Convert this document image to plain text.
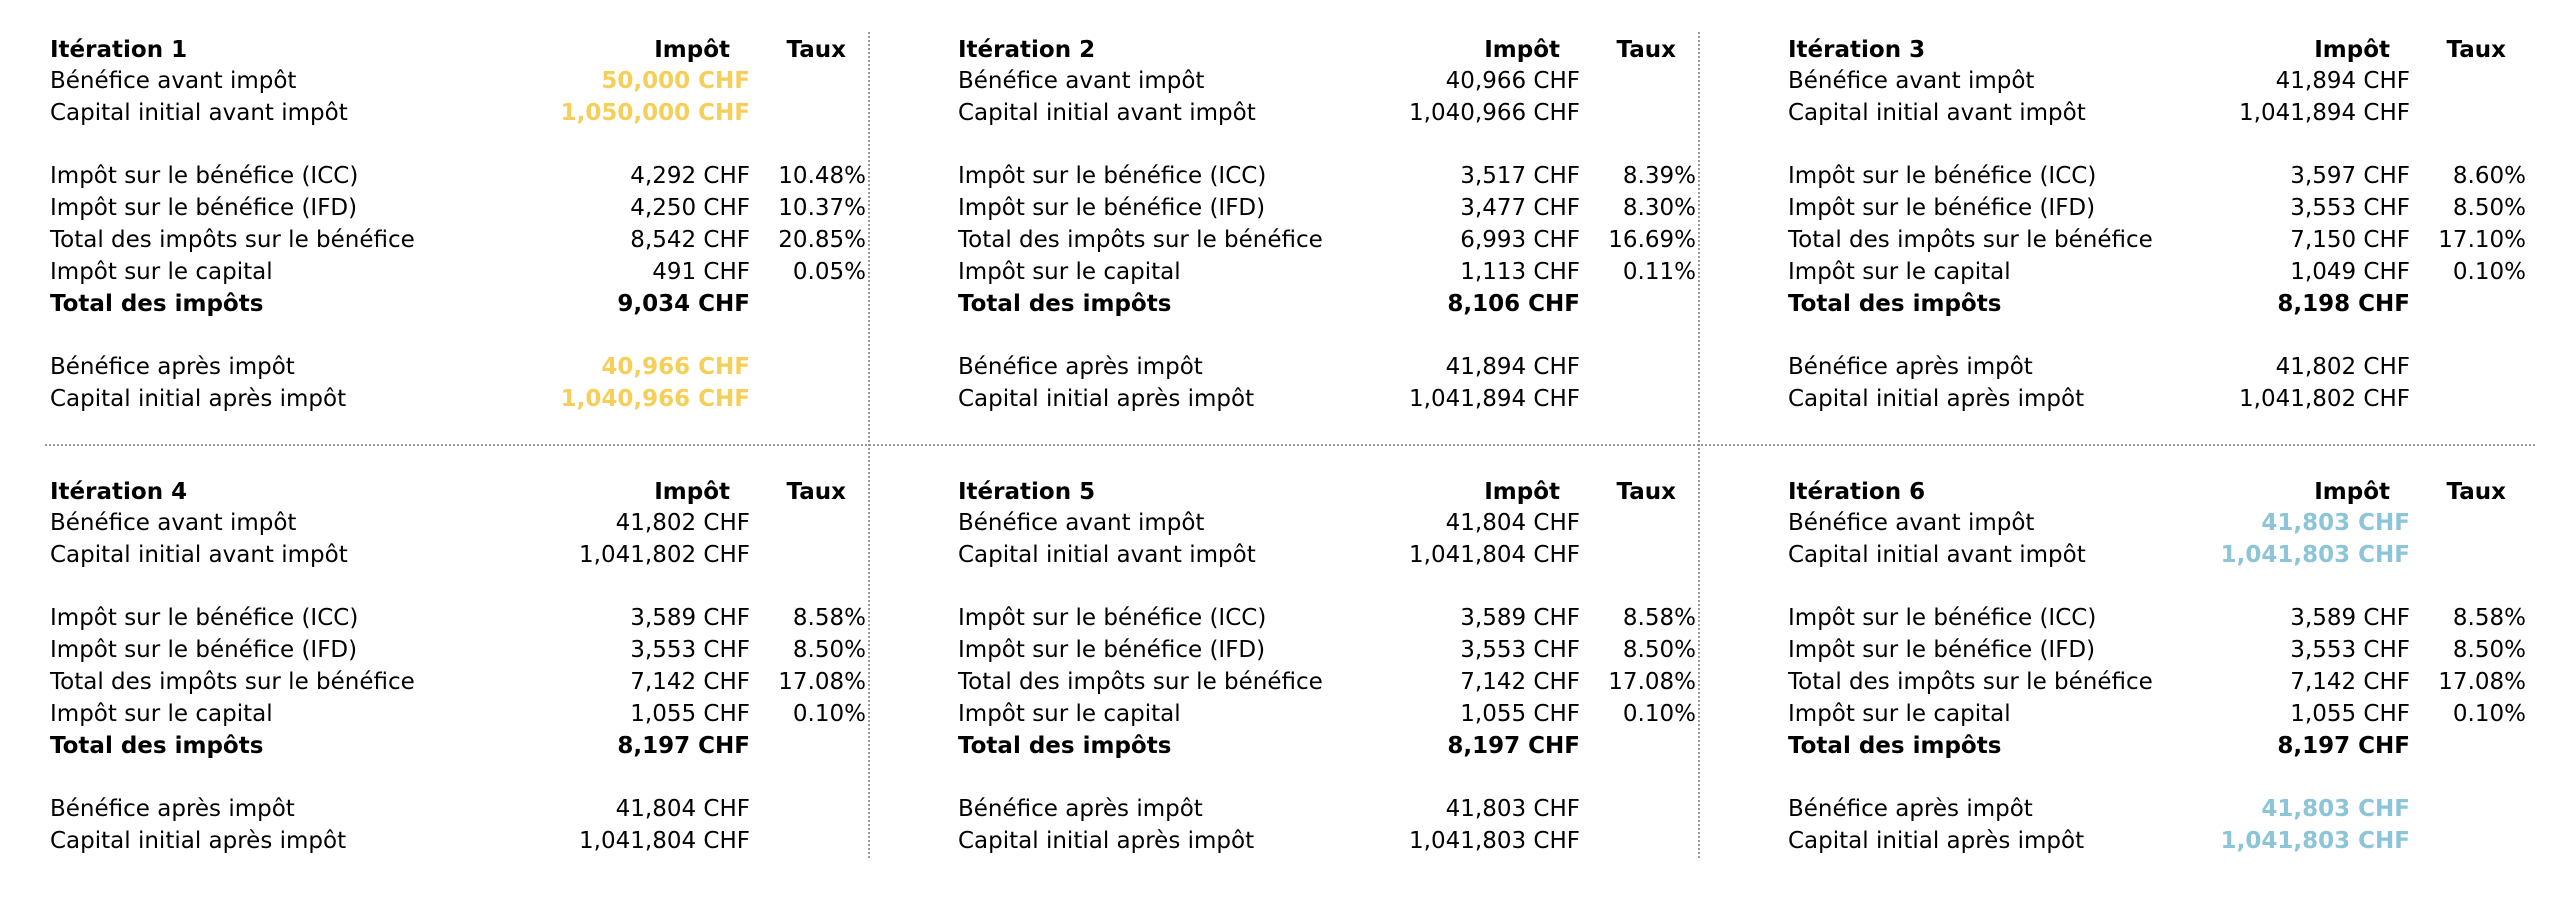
Itération 1	Impôt Taux
Bénéfice avant impôt	50,000 CHF
Capital initial avant impôt	1,050,000 CHF
Impôt sur le bénéfice (ICC)	4,292 CHF 10.48%
Impôt sur le bénéfice (IFD)	4,250 CHF 10.37%
Total des impôts sur le bénéfice	8,542 CHF 20.85%
Impôt sur le capital	491 CHF 0.05%
Total des impôts	9,034 CHF
Bénéfice après impôt	40,966 CHF
Capital initial après impôt	1,040,966 CHF
Itération 2	Impôt Taux
Bénéfice avant impôt	40,966 CHF
Capital initial avant impôt	1,040,966 CHF
Impôt sur le bénéfice (ICC)	3,517 CHF 8.39%
Impôt sur le bénéfice (IFD)	3,477 CHF 8.30%
Total des impôts sur le bénéfice	6,993 CHF 16.69%
Impôt sur le capital	1,113 CHF 0.11%
Total des impôts	8,106 CHF
Bénéfice après impôt	41,894 CHF
Capital initial après impôt	1,041,894 CHF
Itération 3	Impôt Taux
Bénéfice avant impôt	41,894 CHF
Capital initial avant impôt	1,041,894 CHF
Impôt sur le bénéfice (ICC)	3,597 CHF 8.60%
Impôt sur le bénéfice (IFD)	3,553 CHF 8.50%
Total des impôts sur le bénéfice	7,150 CHF 17.10%
Impôt sur le capital	1,049 CHF 0.10%
Total des impôts	8,198 CHF
Bénéfice après impôt	41,802 CHF
Capital initial après impôt	1,041,802 CHF
Itération 4	Impôt Taux
Bénéfice avant impôt	41,802 CHF
Capital initial avant impôt	1,041,802 CHF
Impôt sur le bénéfice (ICC)	3,589 CHF 8.58%
Impôt sur le bénéfice (IFD)	3,553 CHF 8.50%
Total des impôts sur le bénéfice	7,142 CHF 17.08%
Impôt sur le capital	1,055 CHF 0.10%
Total des impôts	8,197 CHF
Bénéfice après impôt	41,804 CHF
Capital initial après impôt	1,041,804 CHF
Itération 5	Impôt Taux
Bénéfice avant impôt	41,804 CHF
Capital initial avant impôt	1,041,804 CHF
Impôt sur le bénéfice (ICC)	3,589 CHF 8.58%
Impôt sur le bénéfice (IFD)	3,553 CHF 8.50%
Total des impôts sur le bénéfice	7,142 CHF 17.08%
Impôt sur le capital	1,055 CHF 0.10%
Total des impôts	8,197 CHF
Bénéfice après impôt	41,803 CHF
Capital initial après impôt	1,041,803 CHF
Itération 6	Impôt Taux
Bénéfice avant impôt	41,803 CHF
Capital initial avant impôt	1,041,803 CHF
Impôt sur le bénéfice (ICC)	3,589 CHF 8.58%
Impôt sur le bénéfice (IFD)	3,553 CHF 8.50%
Total des impôts sur le bénéfice	7,142 CHF 17.08%
Impôt sur le capital	1,055 CHF 0.10%
Total des impôts	8,197 CHF
Bénéfice après impôt	41,803 CHF
Capital initial après impôt	1,041,803 CHF
